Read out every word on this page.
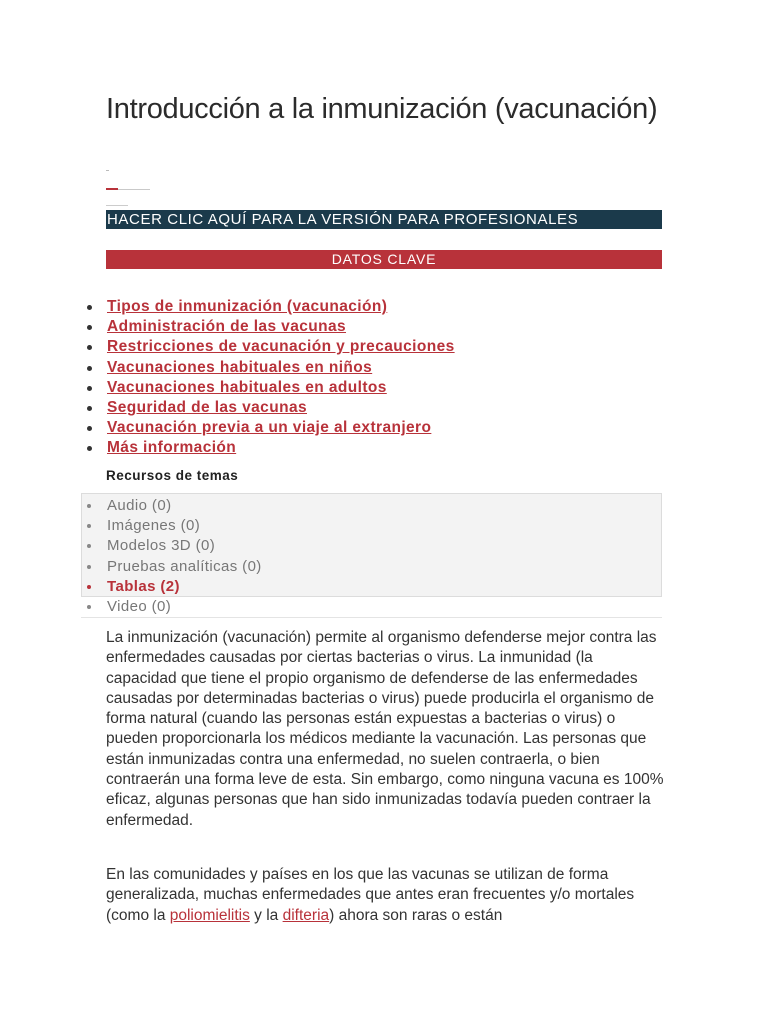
Introducción a la inmunización (vacunación)
HACER CLIC AQUÍ PARA LA VERSIÓN PARA PROFESIONALES
DATOS CLAVE
Tipos de inmunización (vacunación)
Administración de las vacunas
Restricciones de vacunación y precauciones
Vacunaciones habituales en niños
Vacunaciones habituales en adultos
Seguridad de las vacunas
Vacunación previa a un viaje al extranjero
Más información
Recursos de temas
Audio (0)
Imágenes (0)
Modelos 3D (0)
Pruebas analíticas (0)
Tablas (2)
Video (0)

La inmunización (vacunación) permite al organismo defenderse mejor contra las enfermedades causadas por ciertas bacterias o virus. La inmunidad (la capacidad que tiene el propio organismo de defenderse de las enfermedades causadas por determinadas bacterias o virus) puede producirla el organismo de forma natural (cuando las personas están expuestas a bacterias o virus) o pueden proporcionarla los médicos mediante la vacunación. Las personas que están inmunizadas contra una enfermedad, no suelen contraerla, o bien contraerán una forma leve de esta. Sin embargo, como ninguna vacuna es 100% eficaz, algunas personas que han sido inmunizadas todavía pueden contraer la enfermedad.

En las comunidades y países en los que las vacunas se utilizan de forma generalizada, muchas enfermedades que antes eran frecuentes y/o mortales (como la poliomielitis y la difteria) ahora son raras o están
